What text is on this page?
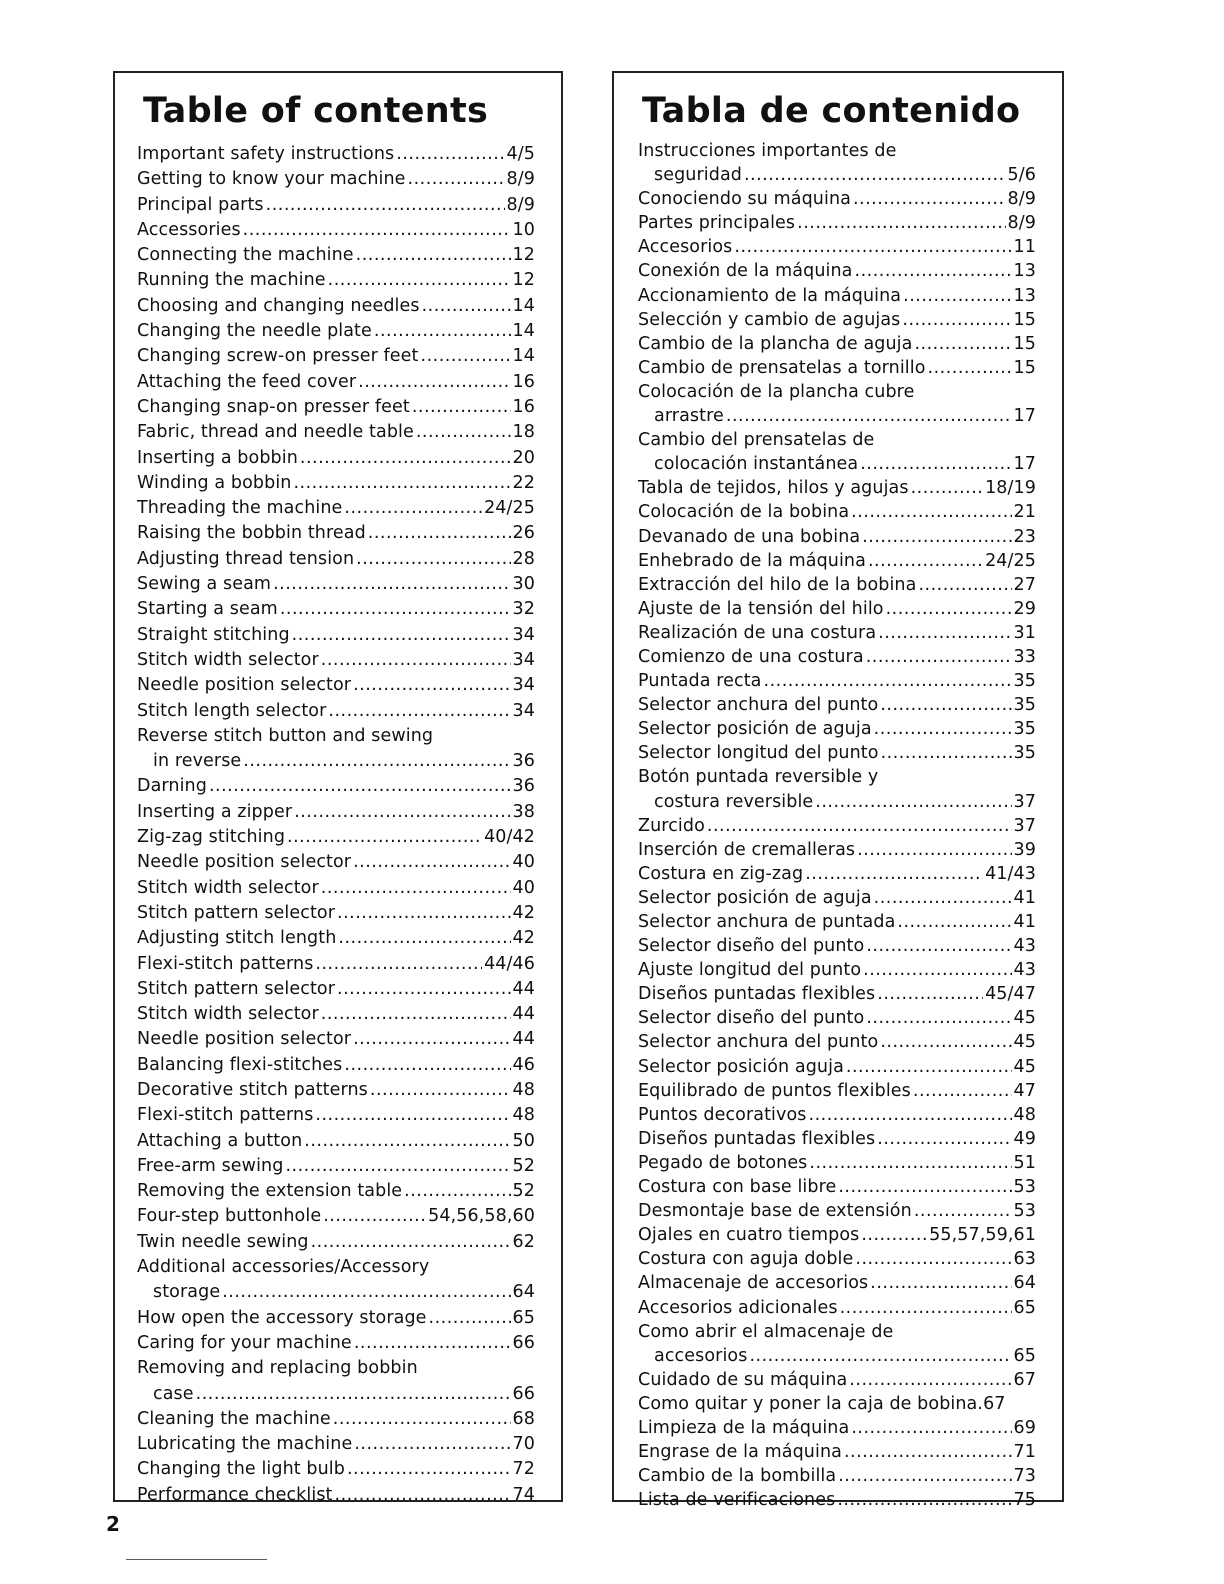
Table of contents
Important safety instructions .....	4/5
Getting to know your machine .....	8/9
Principal parts .....	8/9
Accessories .....	10
Connecting the machine .....	12
Running the machine .....	12
Choosing and changing needles .....	14
Changing the needle plate .....	14
Changing screw-on presser feet .....	14
Attaching the feed cover .....	16
Changing snap-on presser feet .....	16
Fabric, thread and needle table .....	18
Inserting a bobbin .....	20
Winding a bobbin .....	22
Threading the machine .....	24/25
Raising the bobbin thread .....	26
Adjusting thread tension .....	28
Sewing a seam .....	30
Starting a seam .....	32
Straight stitching .....	34
Stitch width selector .....	34
Needle position selector .....	34
Stitch length selector .....	34
Reverse stitch button and sewing
in reverse .....	36
Darning .....	36
Inserting a zipper .....	38
Zig-zag stitching .....	40/42
Needle position selector .....	40
Stitch width selector .....	40
Stitch pattern selector .....	42
Adjusting stitch length .....	42
Flexi-stitch patterns .....	44/46
Stitch pattern selector .....	44
Stitch width selector .....	44
Needle position selector .....	44
Balancing flexi-stitches .....	46
Decorative stitch patterns .....	48
Flexi-stitch patterns .....	48
Attaching a button .....	50
Free-arm sewing .....	52
Removing the extension table .....	52
Four-step buttonhole .....	54,56,58,60
Twin needle sewing .....	62
Additional accessories/Accessory
storage .....	64
How open the accessory storage .....	65
Caring for your machine .....	66
Removing and replacing bobbin
case .....	66
Cleaning the machine .....	68
Lubricating the machine .....	70
Changing the light bulb .....	72
Performance checklist .....	74
Tabla de contenido
Instrucciones importantes de
seguridad .....	5/6
Conociendo su máquina .....	8/9
Partes principales .....	8/9
Accesorios .....	11
Conexión de la máquina .....	13
Accionamiento de la máquina .....	13
Selección y cambio de agujas .....	15
Cambio de la plancha de aguja .....	15
Cambio de prensatelas a tornillo .....	15
Colocación de la plancha cubre
arrastre .....	17
Cambio del prensatelas de
colocación instantánea .....	17
Tabla de tejidos, hilos y agujas .....	18/19
Colocación de la bobina .....	21
Devanado de una bobina .....	23
Enhebrado de la máquina .....	24/25
Extracción del hilo de la bobina .....	27
Ajuste de la tensión del hilo .....	29
Realización de una costura .....	31
Comienzo de una costura .....	33
Puntada recta .....	35
Selector anchura del punto .....	35
Selector posición de aguja .....	35
Selector longitud del punto .....	35
Botón puntada reversible y
costura reversible .....	37
Zurcido .....	37
Inserción de cremalleras .....	39
Costura en zig-zag .....	41/43
Selector posición de aguja .....	41
Selector anchura de puntada .....	41
Selector diseño del punto .....	43
Ajuste longitud del punto .....	43
Diseños puntadas flexibles .....	45/47
Selector diseño del punto .....	45
Selector anchura del punto .....	45
Selector posición aguja .....	45
Equilibrado de puntos flexibles .....	47
Puntos decorativos .....	48
Diseños puntadas flexibles .....	49
Pegado de botones .....	51
Costura con base libre .....	53
Desmontaje base de extensión .....	53
Ojales en cuatro tiempos .....	55,57,59,61
Costura con aguja doble .....	63
Almacenaje de accesorios .....	64
Accesorios adicionales .....	65
Como abrir el almacenaje de
accesorios .....	65
Cuidado de su máquina .....	67
Como quitar y poner la caja de bobina . 67
Limpieza de la máquina .....	69
Engrase de la máquina .....	71
Cambio de la bombilla .....	73
Lista de verificaciones .....	75
2
